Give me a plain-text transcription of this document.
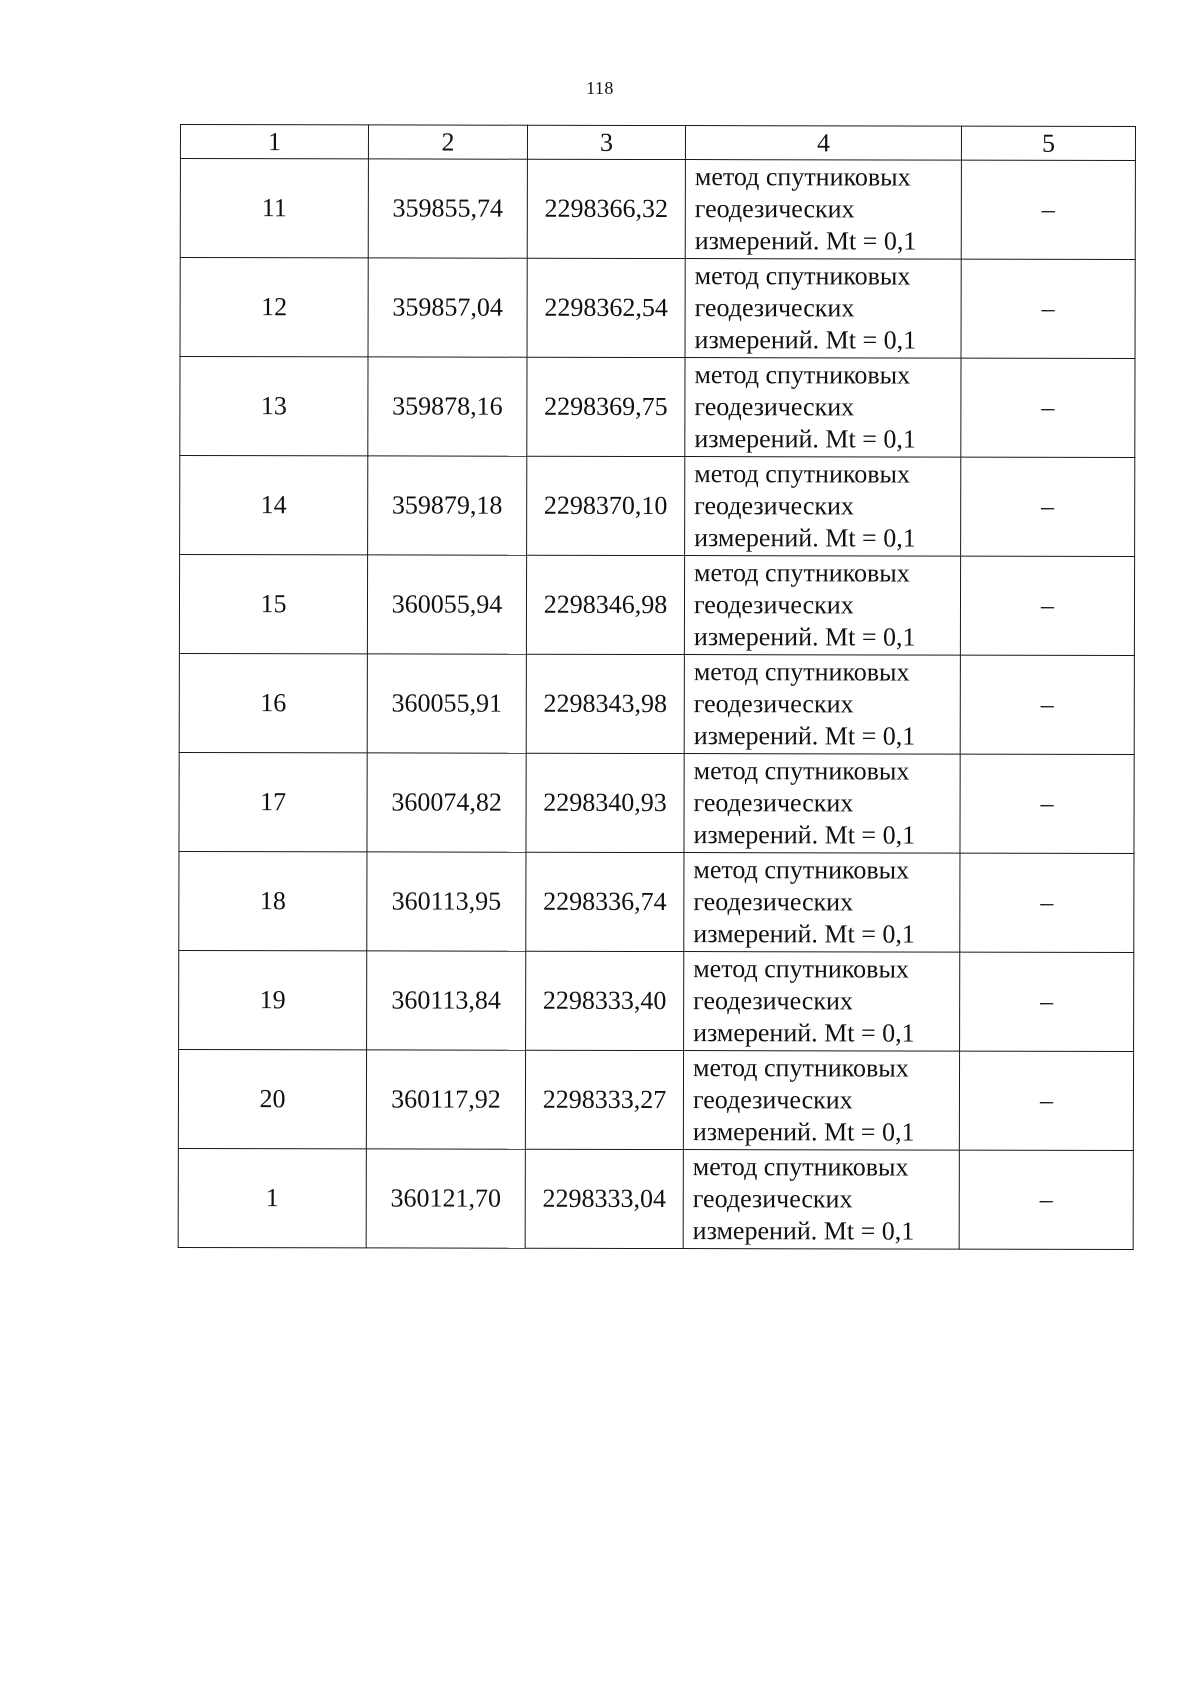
118
1	2	3	4	5
11	359855,74	2298366,32	метод спутниковых
геодезических
измерений. Mt = 0,1	–
12	359857,04	2298362,54	метод спутниковых
геодезических
измерений. Mt = 0,1	–
13	359878,16	2298369,75	метод спутниковых
геодезических
измерений. Mt = 0,1	–
14	359879,18	2298370,10	метод спутниковых
геодезических
измерений. Mt = 0,1	–
15	360055,94	2298346,98	метод спутниковых
геодезических
измерений. Mt = 0,1	–
16	360055,91	2298343,98	метод спутниковых
геодезических
измерений. Mt = 0,1	–
17	360074,82	2298340,93	метод спутниковых
геодезических
измерений. Mt = 0,1	–
18	360113,95	2298336,74	метод спутниковых
геодезических
измерений. Mt = 0,1	–
19	360113,84	2298333,40	метод спутниковых
геодезических
измерений. Mt = 0,1	–
20	360117,92	2298333,27	метод спутниковых
геодезических
измерений. Mt = 0,1	–
1	360121,70	2298333,04	метод спутниковых
геодезических
измерений. Mt = 0,1	–
